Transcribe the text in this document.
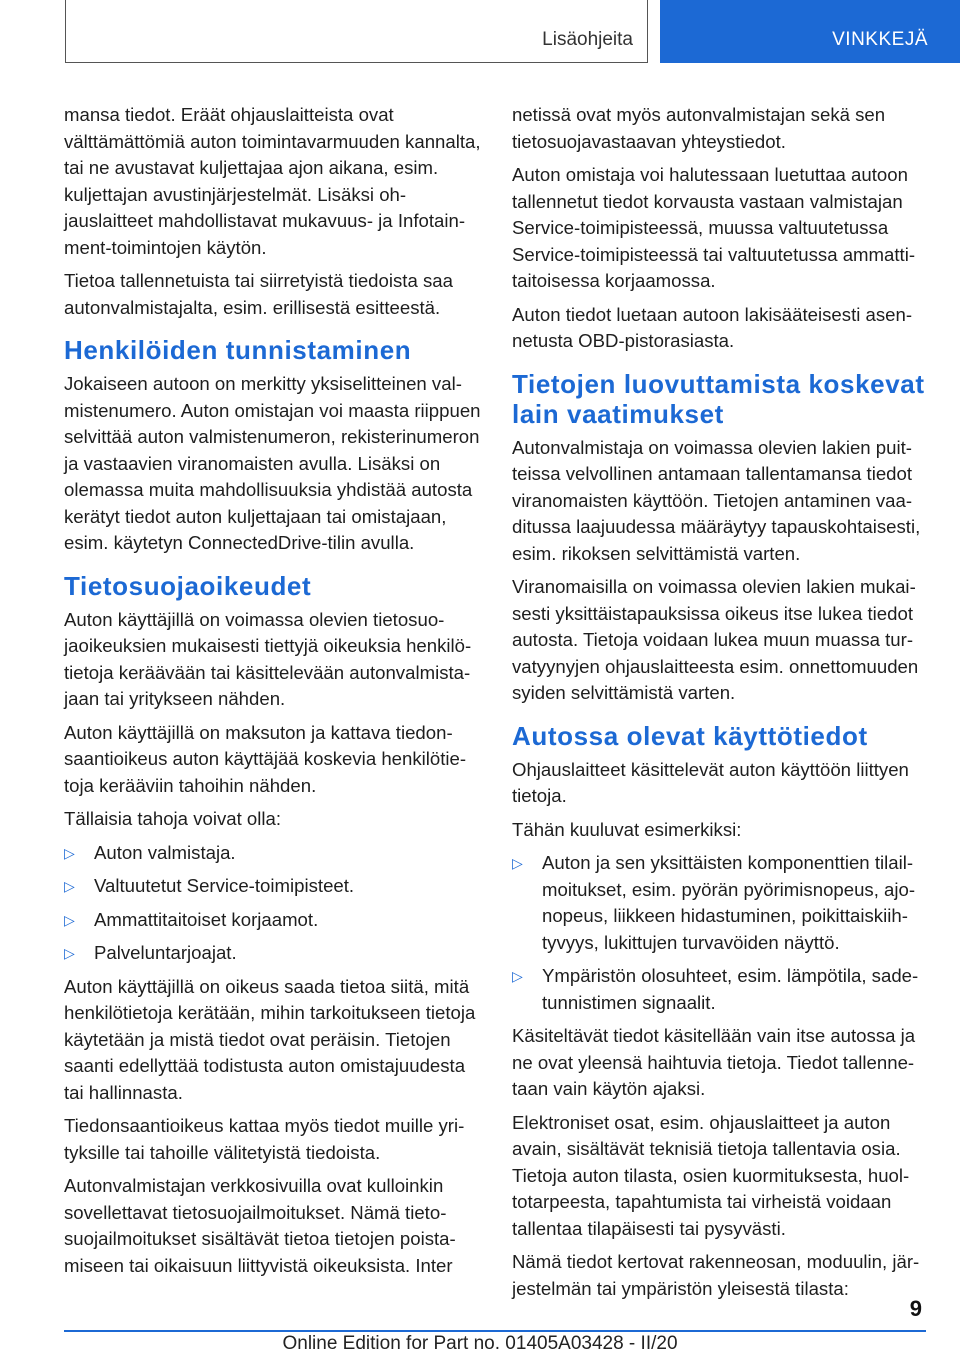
Lisäohjeita	VINKKEJÄ

mansa tiedot. Eräät ohjauslaitteista ovat välttämättömiä auton toimintavarmuuden kannalta, tai ne avustavat kuljettajaa ajon aikana, esim. kuljettajan avustinjärjestelmät. Lisäksi ohjauslaitteet mahdollistavat mukavuus- ja Infotainment-toimintojen käytön.

Tietoa tallennetuista tai siirretyistä tiedoista saa autonvalmistajalta, esim. erillisestä esitteestä.

Henkilöiden tunnistaminen

Jokaiseen autoon on merkitty yksiselitteinen valmistenumero. Auton omistajan voi maasta riippuen selvittää auton valmistenumeron, rekisterinumeron ja vastaavien viranomaisten avulla. Lisäksi on olemassa muita mahdollisuuksia yhdistää autosta kerätyt tiedot auton kuljettajaan tai omistajaan, esim. käytetyn ConnectedDrive-tilin avulla.

Tietosuojaoikeudet

Auton käyttäjillä on voimassa olevien tietosuojaoikeuksien mukaisesti tiettyjä oikeuksia henkilötietoja keräävään tai käsittelevään autonvalmistajaan tai yritykseen nähden.

Auton käyttäjillä on maksuton ja kattava tiedonsaantioikeus auton käyttäjää koskevia henkilötietoja kerääviin tahoihin nähden.

Tällaisia tahoja voivat olla:

▷ Auton valmistaja.
▷ Valtuutetut Service-toimipisteet.
▷ Ammattitaitoiset korjaamot.
▷ Palveluntarjoajat.

Auton käyttäjillä on oikeus saada tietoa siitä, mitä henkilötietoja kerätään, mihin tarkoitukseen tietoja käytetään ja mistä tiedot ovat peräisin. Tietojen saanti edellyttää todistusta auton omistajuudesta tai hallinnasta.

Tiedonsaantioikeus kattaa myös tiedot muille yrityksille tai tahoille välitetyistä tiedoista.

Autonvalmistajan verkkosivuilla ovat kulloinkin sovellettavat tietosuojailmoitukset. Nämä tietosuojailmoitukset sisältävät tietoa tietojen poistamiseen tai oikaisuun liittyvistä oikeuksista. Inter

netissä ovat myös autonvalmistajan sekä sen tietosuojavastaavan yhteystiedot.

Auton omistaja voi halutessaan luetuttaa autoon tallennetut tiedot korvausta vastaan valmistajan Service-toimipisteessä, muussa valtuutetussa Service-toimipisteessä tai valtuutetussa ammattitaitoisessa korjaamossa.

Auton tiedot luetaan autoon lakisääteisesti asennetusta OBD-pistorasiasta.

Tietojen luovuttamista koskevat lain vaatimukset

Autonvalmistaja on voimassa olevien lakien puitteissa velvollinen antamaan tallentamansa tiedot viranomaisten käyttöön. Tietojen antaminen vaaditussa laajuudessa määräytyy tapauskohtaisesti, esim. rikoksen selvittämistä varten.

Viranomaisilla on voimassa olevien lakien mukaisesti yksittäistapauksissa oikeus itse lukea tiedot autosta. Tietoja voidaan lukea muun muassa turvatyynyjen ohjauslaitteesta esim. onnettomuuden syiden selvittämistä varten.

Autossa olevat käyttötiedot

Ohjauslaitteet käsittelevät auton käyttöön liittyen tietoja.

Tähän kuuluvat esimerkiksi:

▷ Auton ja sen yksittäisten komponenttien tilailmoitukset, esim. pyörän pyörimisnopeus, ajonopeus, liikkeen hidastuminen, poikittaiskiihtyvyys, lukittujen turvavöiden näyttö.
▷ Ympäristön olosuhteet, esim. lämpötila, sadetunnistimen signaalit.

Käsiteltävät tiedot käsitellään vain itse autossa ja ne ovat yleensä haihtuvia tietoja. Tiedot tallennetaan vain käytön ajaksi.

Elektroniset osat, esim. ohjauslaitteet ja auton avain, sisältävät teknisiä tietoja tallentavia osia. Tietoja auton tilasta, osien kuormituksesta, huoltotarpeesta, tapahtumista tai virheistä voidaan tallentaa tilapäisesti tai pysyvästi.

Nämä tiedot kertovat rakenneosan, moduulin, järjestelmän tai ympäristön yleisestä tilasta:

9
Online Edition for Part no. 01405A03428 - II/20
